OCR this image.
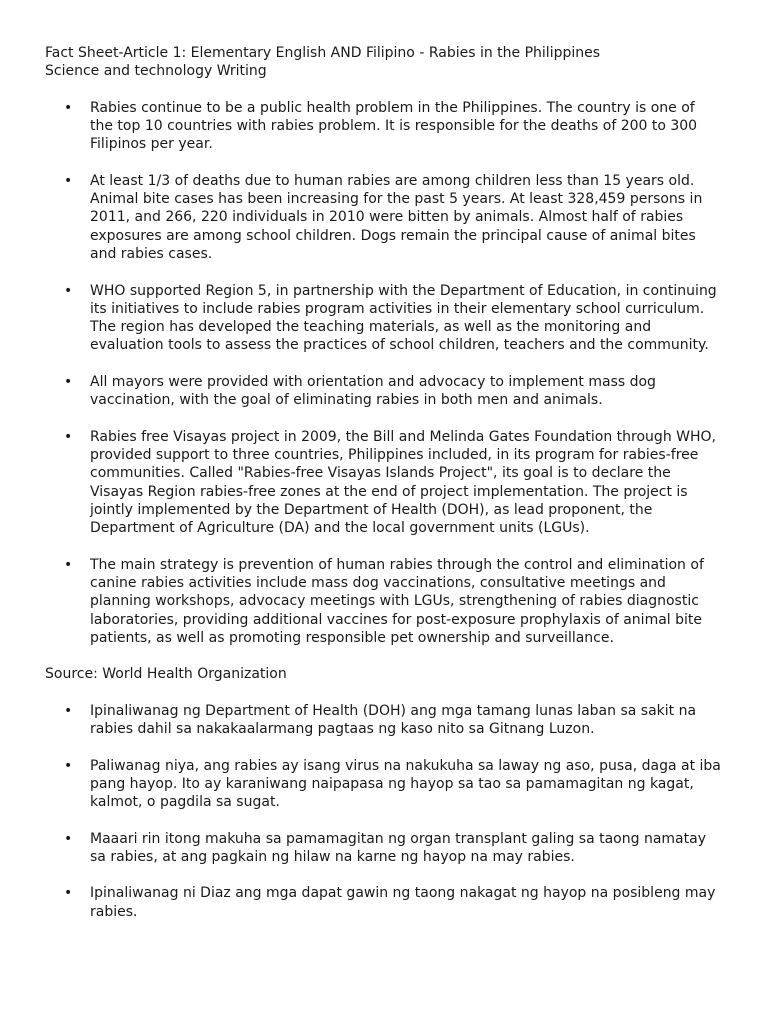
Fact Sheet-Article 1: Elementary English AND Filipino - Rabies in the Philippines
Science and technology Writing
• Rabies continue to be a public health problem in the Philippines. The country is one of the top 10 countries with rabies problem. It is responsible for the deaths of 200 to 300 Filipinos per year.
• At least 1/3 of deaths due to human rabies are among children less than 15 years old. Animal bite cases has been increasing for the past 5 years. At least 328,459 persons in 2011, and 266, 220 individuals in 2010 were bitten by animals. Almost half of rabies exposures are among school children. Dogs remain the principal cause of animal bites and rabies cases.
• WHO supported Region 5, in partnership with the Department of Education, in continuing its initiatives to include rabies program activities in their elementary school curriculum. The region has developed the teaching materials, as well as the monitoring and evaluation tools to assess the practices of school children, teachers and the community.
• All mayors were provided with orientation and advocacy to implement mass dog vaccination, with the goal of eliminating rabies in both men and animals.
• Rabies free Visayas project in 2009, the Bill and Melinda Gates Foundation through WHO, provided support to three countries, Philippines included, in its program for rabies-free communities. Called "Rabies-free Visayas Islands Project", its goal is to declare the Visayas Region rabies-free zones at the end of project implementation. The project is jointly implemented by the Department of Health (DOH), as lead proponent, the Department of Agriculture (DA) and the local government units (LGUs).
• The main strategy is prevention of human rabies through the control and elimination of canine rabies activities include mass dog vaccinations, consultative meetings and planning workshops, advocacy meetings with LGUs, strengthening of rabies diagnostic laboratories, providing additional vaccines for post-exposure prophylaxis of animal bite patients, as well as promoting responsible pet ownership and surveillance.

Source: World Health Organization

• Ipinaliwanag ng Department of Health (DOH) ang mga tamang lunas laban sa sakit na rabies dahil sa nakakaalarmang pagtaas ng kaso nito sa Gitnang Luzon.
• Paliwanag niya, ang rabies ay isang virus na nakukuha sa laway ng aso, pusa, daga at iba pang hayop. Ito ay karaniwang naipapasa ng hayop sa tao sa pamamagitan ng kagat, kalmot, o pagdila sa sugat.
• Maaari rin itong makuha sa pamamagitan ng organ transplant galing sa taong namatay sa rabies, at ang pagkain ng hilaw na karne ng hayop na may rabies.
• Ipinaliwanag ni Diaz ang mga dapat gawin ng taong nakagat ng hayop na posibleng may rabies.
